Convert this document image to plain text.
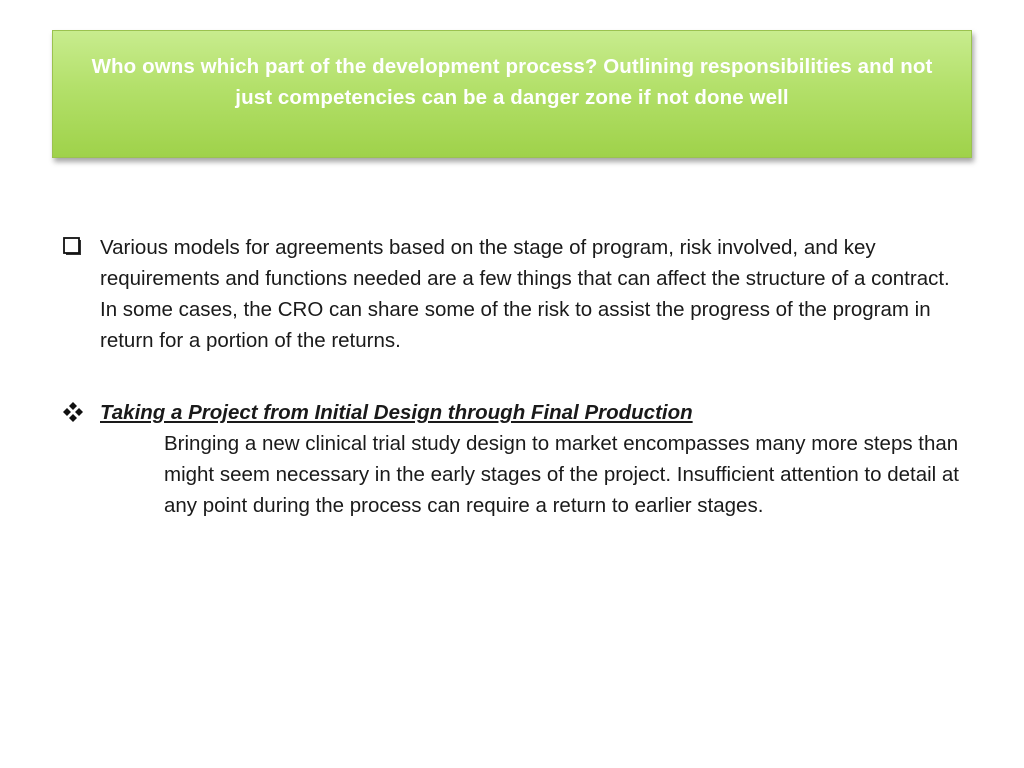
Who owns which part of the development process? Outlining responsibilities and not just competencies can be a danger zone if not done well

Various models for agreements based on the stage of program, risk involved, and key requirements and functions needed are a few things that can affect the structure of a contract. In some cases, the CRO can share some of the risk to assist the progress of the program in return for a portion of the returns.

Taking a Project from Initial Design through Final Production

Bringing a new clinical trial study design to market encompasses many more steps than might seem necessary in the early stages of the project. Insufficient attention to detail at any point during the process can require a return to earlier stages.
